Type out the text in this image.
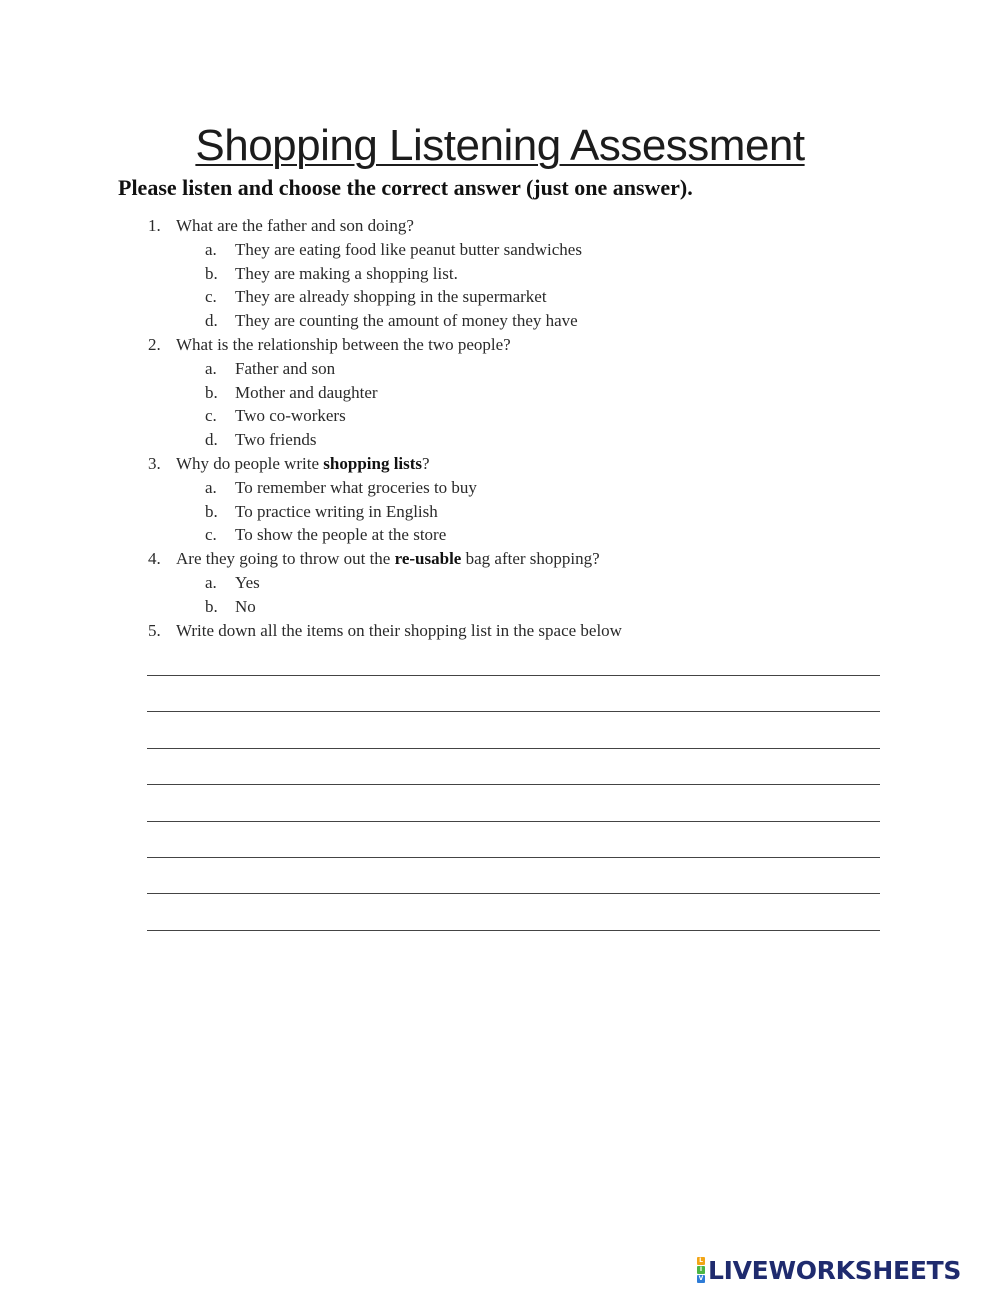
Shopping Listening Assessment
Please listen and choose the correct answer (just one answer).
1. What are the father and son doing?
a. They are eating food like peanut butter sandwiches
b. They are making a shopping list.
c. They are already shopping in the supermarket
d. They are counting the amount of money they have
2. What is the relationship between the two people?
a. Father and son
b. Mother and daughter
c. Two co-workers
d. Two friends
3. Why do people write shopping lists?
a. To remember what groceries to buy
b. To practice writing in English
c. To show the people at the store
4. Are they going to throw out the re-usable bag after shopping?
a. Yes
b. No
5. Write down all the items on their shopping list in the space below
L
I
V LIVEWORKSHEETS
